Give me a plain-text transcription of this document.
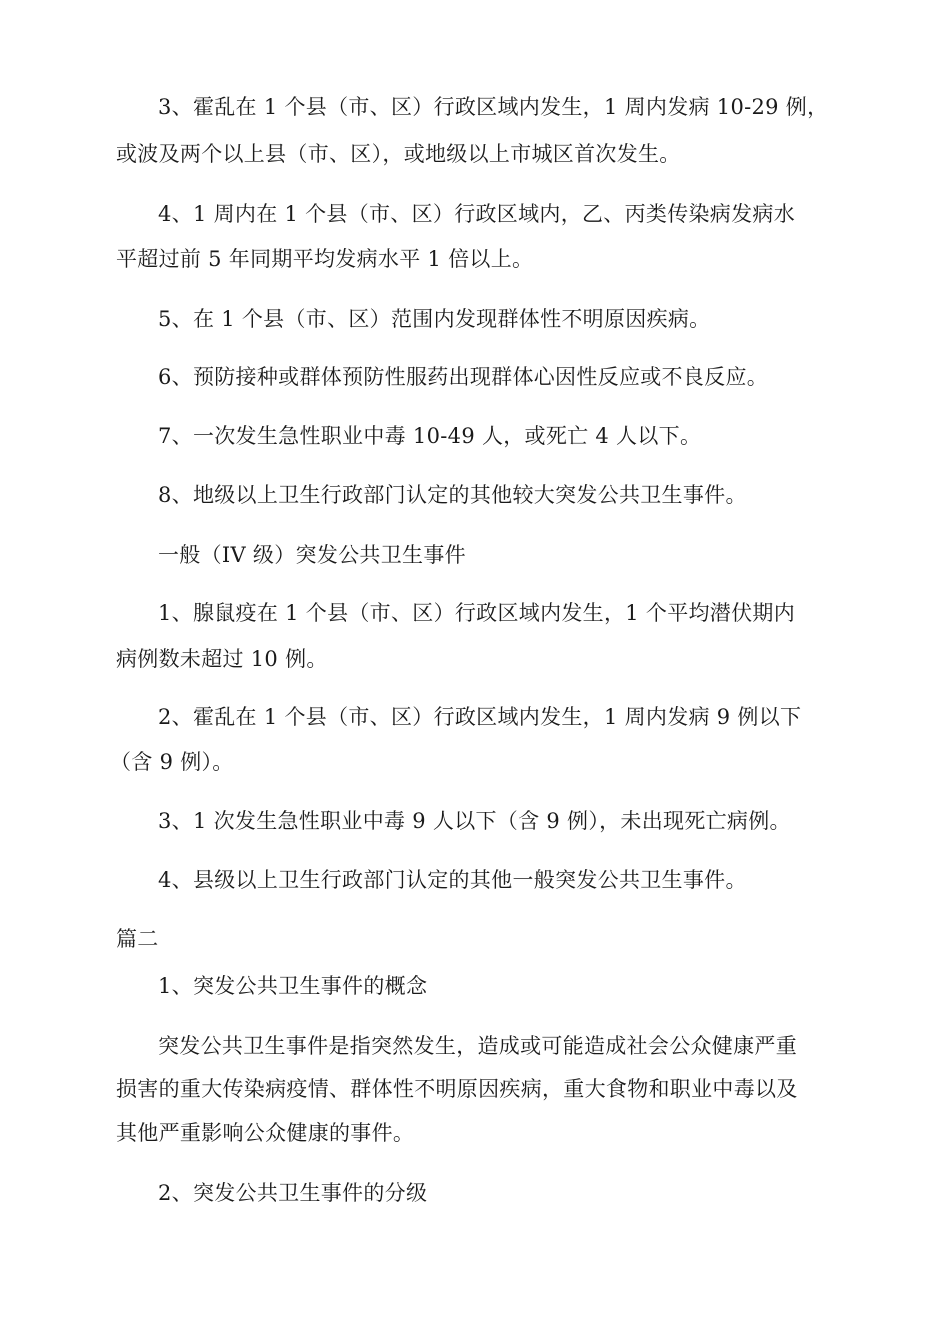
3、霍乱在 1 个县（市、区）行政区域内发生，1 周内发病 10-29 例，
或波及两个以上县（市、区），或地级以上市城区首次发生。
4、1 周内在 1 个县（市、区）行政区域内，乙、丙类传染病发病水
平超过前 5 年同期平均发病水平 1 倍以上。
5、在 1 个县（市、区）范围内发现群体性不明原因疾病。
6、预防接种或群体预防性服药出现群体心因性反应或不良反应。
7、一次发生急性职业中毒 10-49 人，或死亡 4 人以下。
8、地级以上卫生行政部门认定的其他较大突发公共卫生事件。
一般（IV 级）突发公共卫生事件
1、腺鼠疫在 1 个县（市、区）行政区域内发生，1 个平均潜伏期内
病例数未超过 10 例。
2、霍乱在 1 个县（市、区）行政区域内发生，1 周内发病 9 例以下
（含 9 例）。
3、1 次发生急性职业中毒 9 人以下（含 9 例），未出现死亡病例。
4、县级以上卫生行政部门认定的其他一般突发公共卫生事件。
篇二
1、突发公共卫生事件的概念
突发公共卫生事件是指突然发生，造成或可能造成社会公众健康严重
损害的重大传染病疫情、群体性不明原因疾病，重大食物和职业中毒以及
其他严重影响公众健康的事件。
2、突发公共卫生事件的分级
